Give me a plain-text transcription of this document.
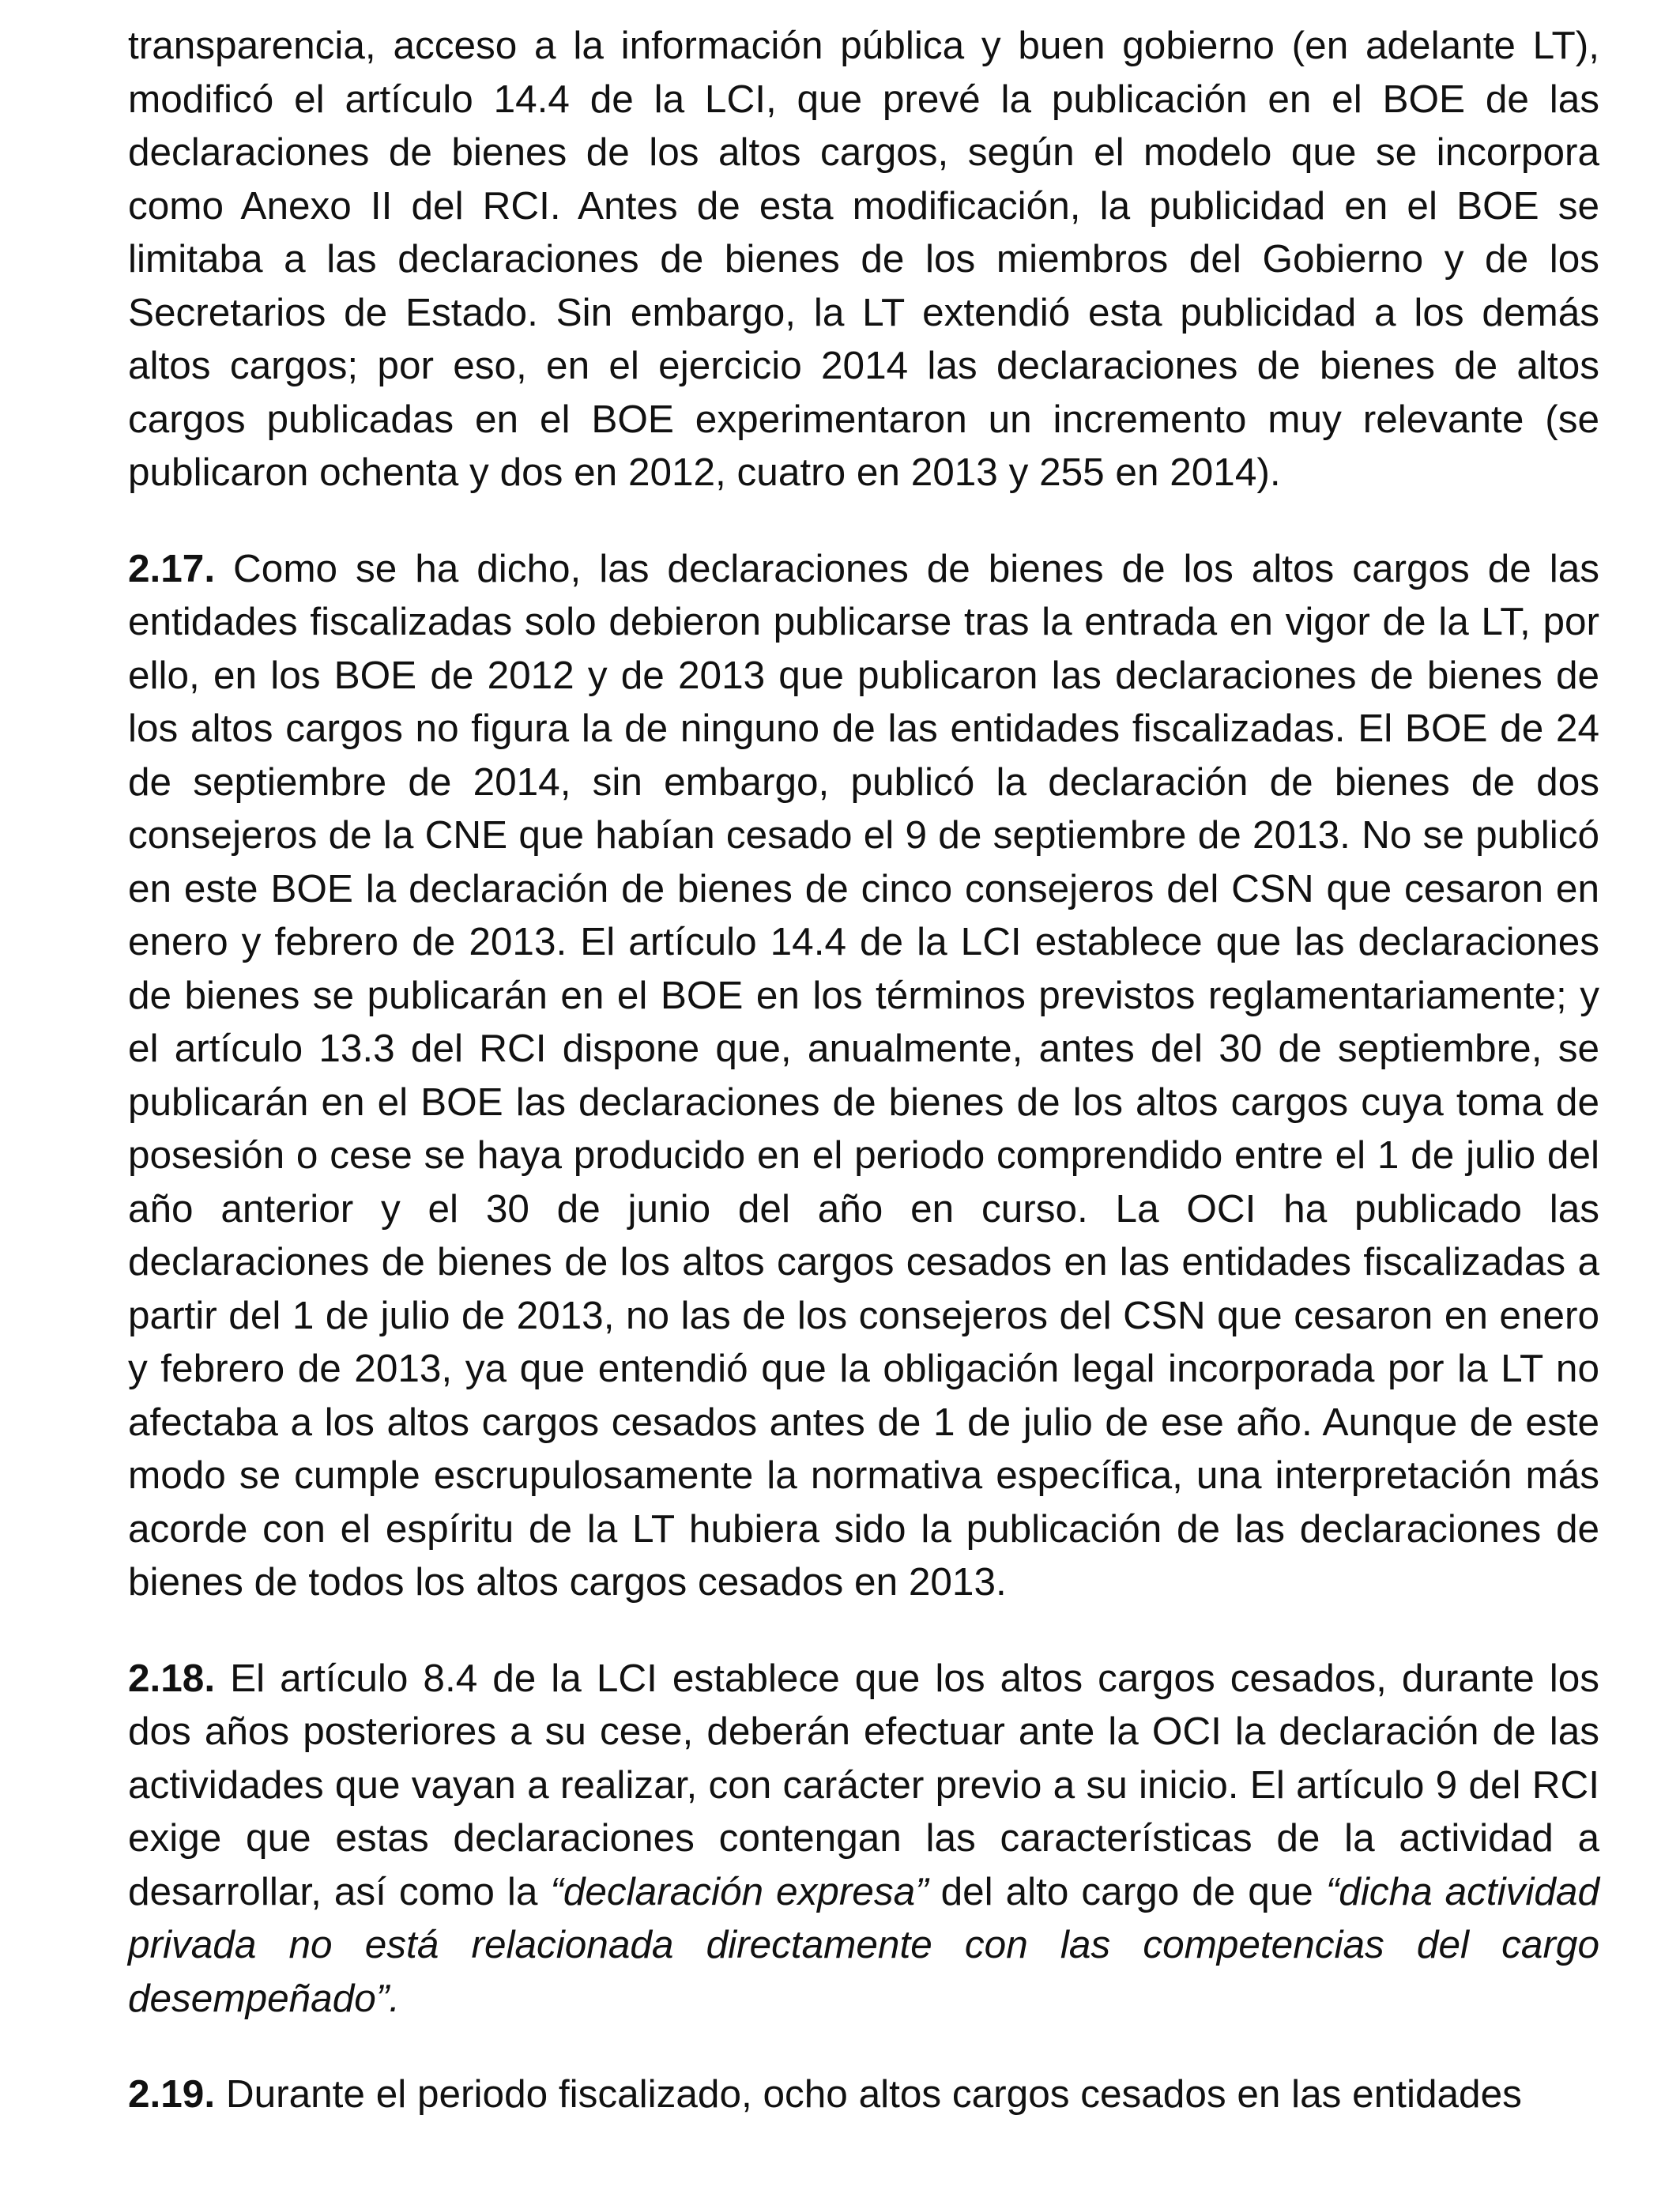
transparencia, acceso a la información pública y buen gobierno (en adelante LT), modificó el artículo 14.4 de la LCI, que prevé la publicación en el BOE de las declaraciones de bienes de los altos cargos, según el modelo que se incorpora como Anexo II del RCI. Antes de esta modificación, la publicidad en el BOE se limitaba a las declaraciones de bienes de los miembros del Gobierno y de los Secretarios de Estado. Sin embargo, la LT extendió esta publicidad a los demás altos cargos; por eso, en el ejercicio 2014 las declaraciones de bienes de altos cargos publicadas en el BOE experimentaron un incremento muy relevante (se publicaron ochenta y dos en 2012, cuatro en 2013 y 255 en 2014).

2.17. Como se ha dicho, las declaraciones de bienes de los altos cargos de las entidades fiscalizadas solo debieron publicarse tras la entrada en vigor de la LT, por ello, en los BOE de 2012 y de 2013 que publicaron las declaraciones de bienes de los altos cargos no figura la de ninguno de las entidades fiscalizadas. El BOE de 24 de septiembre de 2014, sin embargo, publicó la declaración de bienes de dos consejeros de la CNE que habían cesado el 9 de septiembre de 2013. No se publicó en este BOE la declaración de bienes de cinco consejeros del CSN que cesaron en enero y febrero de 2013. El artículo 14.4 de la LCI establece que las declaraciones de bienes se publicarán en el BOE en los términos previstos reglamentariamente; y el artículo 13.3 del RCI dispone que, anualmente, antes del 30 de septiembre, se publicarán en el BOE las declaraciones de bienes de los altos cargos cuya toma de posesión o cese se haya producido en el periodo comprendido entre el 1 de julio del año anterior y el 30 de junio del año en curso. La OCI ha publicado las declaraciones de bienes de los altos cargos cesados en las entidades fiscalizadas a partir del 1 de julio de 2013, no las de los consejeros del CSN que cesaron en enero y febrero de 2013, ya que entendió que la obligación legal incorporada por la LT no afectaba a los altos cargos cesados antes de 1 de julio de ese año. Aunque de este modo se cumple escrupulosamente la normativa específica, una interpretación más acorde con el espíritu de la LT hubiera sido la publicación de las declaraciones de bienes de todos los altos cargos cesados en 2013.

2.18. El artículo 8.4 de la LCI establece que los altos cargos cesados, durante los dos años posteriores a su cese, deberán efectuar ante la OCI la declaración de las actividades que vayan a realizar, con carácter previo a su inicio. El artículo 9 del RCI exige que estas declaraciones contengan las características de la actividad a desarrollar, así como la “declaración expresa” del alto cargo de que “dicha actividad privada no está relacionada directamente con las competencias del cargo desempeñado”.

2.19. Durante el periodo fiscalizado, ocho altos cargos cesados en las entidades
